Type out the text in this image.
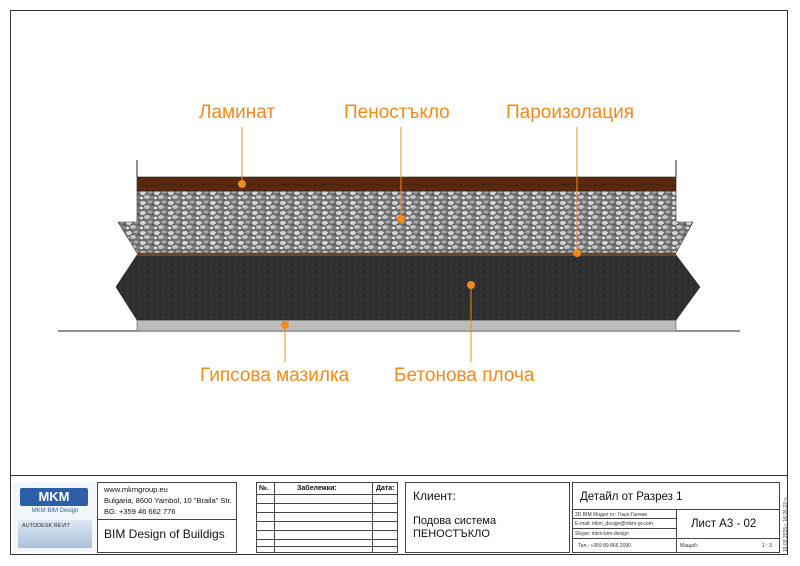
Ламинат	Пеностъкло	Пароизолация
Гипсова мазилка Бетонова плоча
MKM
MKM BIM Design
AUTODESK REVIT
www.mkmgroup.eu
Bulgaria, 8600 Yambol, 10 "Braila" Str.
BG: +359 46 662 776
BIM Design of Buildigs
№.	Забележки:	Дата:
Клиент:
Подова система
ПЕНОСТЪКЛО
Детайл от Разрез 1
3D BIM Модел от: Гошо Ганчев
E-mail: mkm_design@mkm-gr.com
Skype: mkm-bim-design
Тел.: +359 89 866 2090
Лист А3 - 02
Мащаб:	1 : 3 19.03.2015 г. 16:26:23 ч.
